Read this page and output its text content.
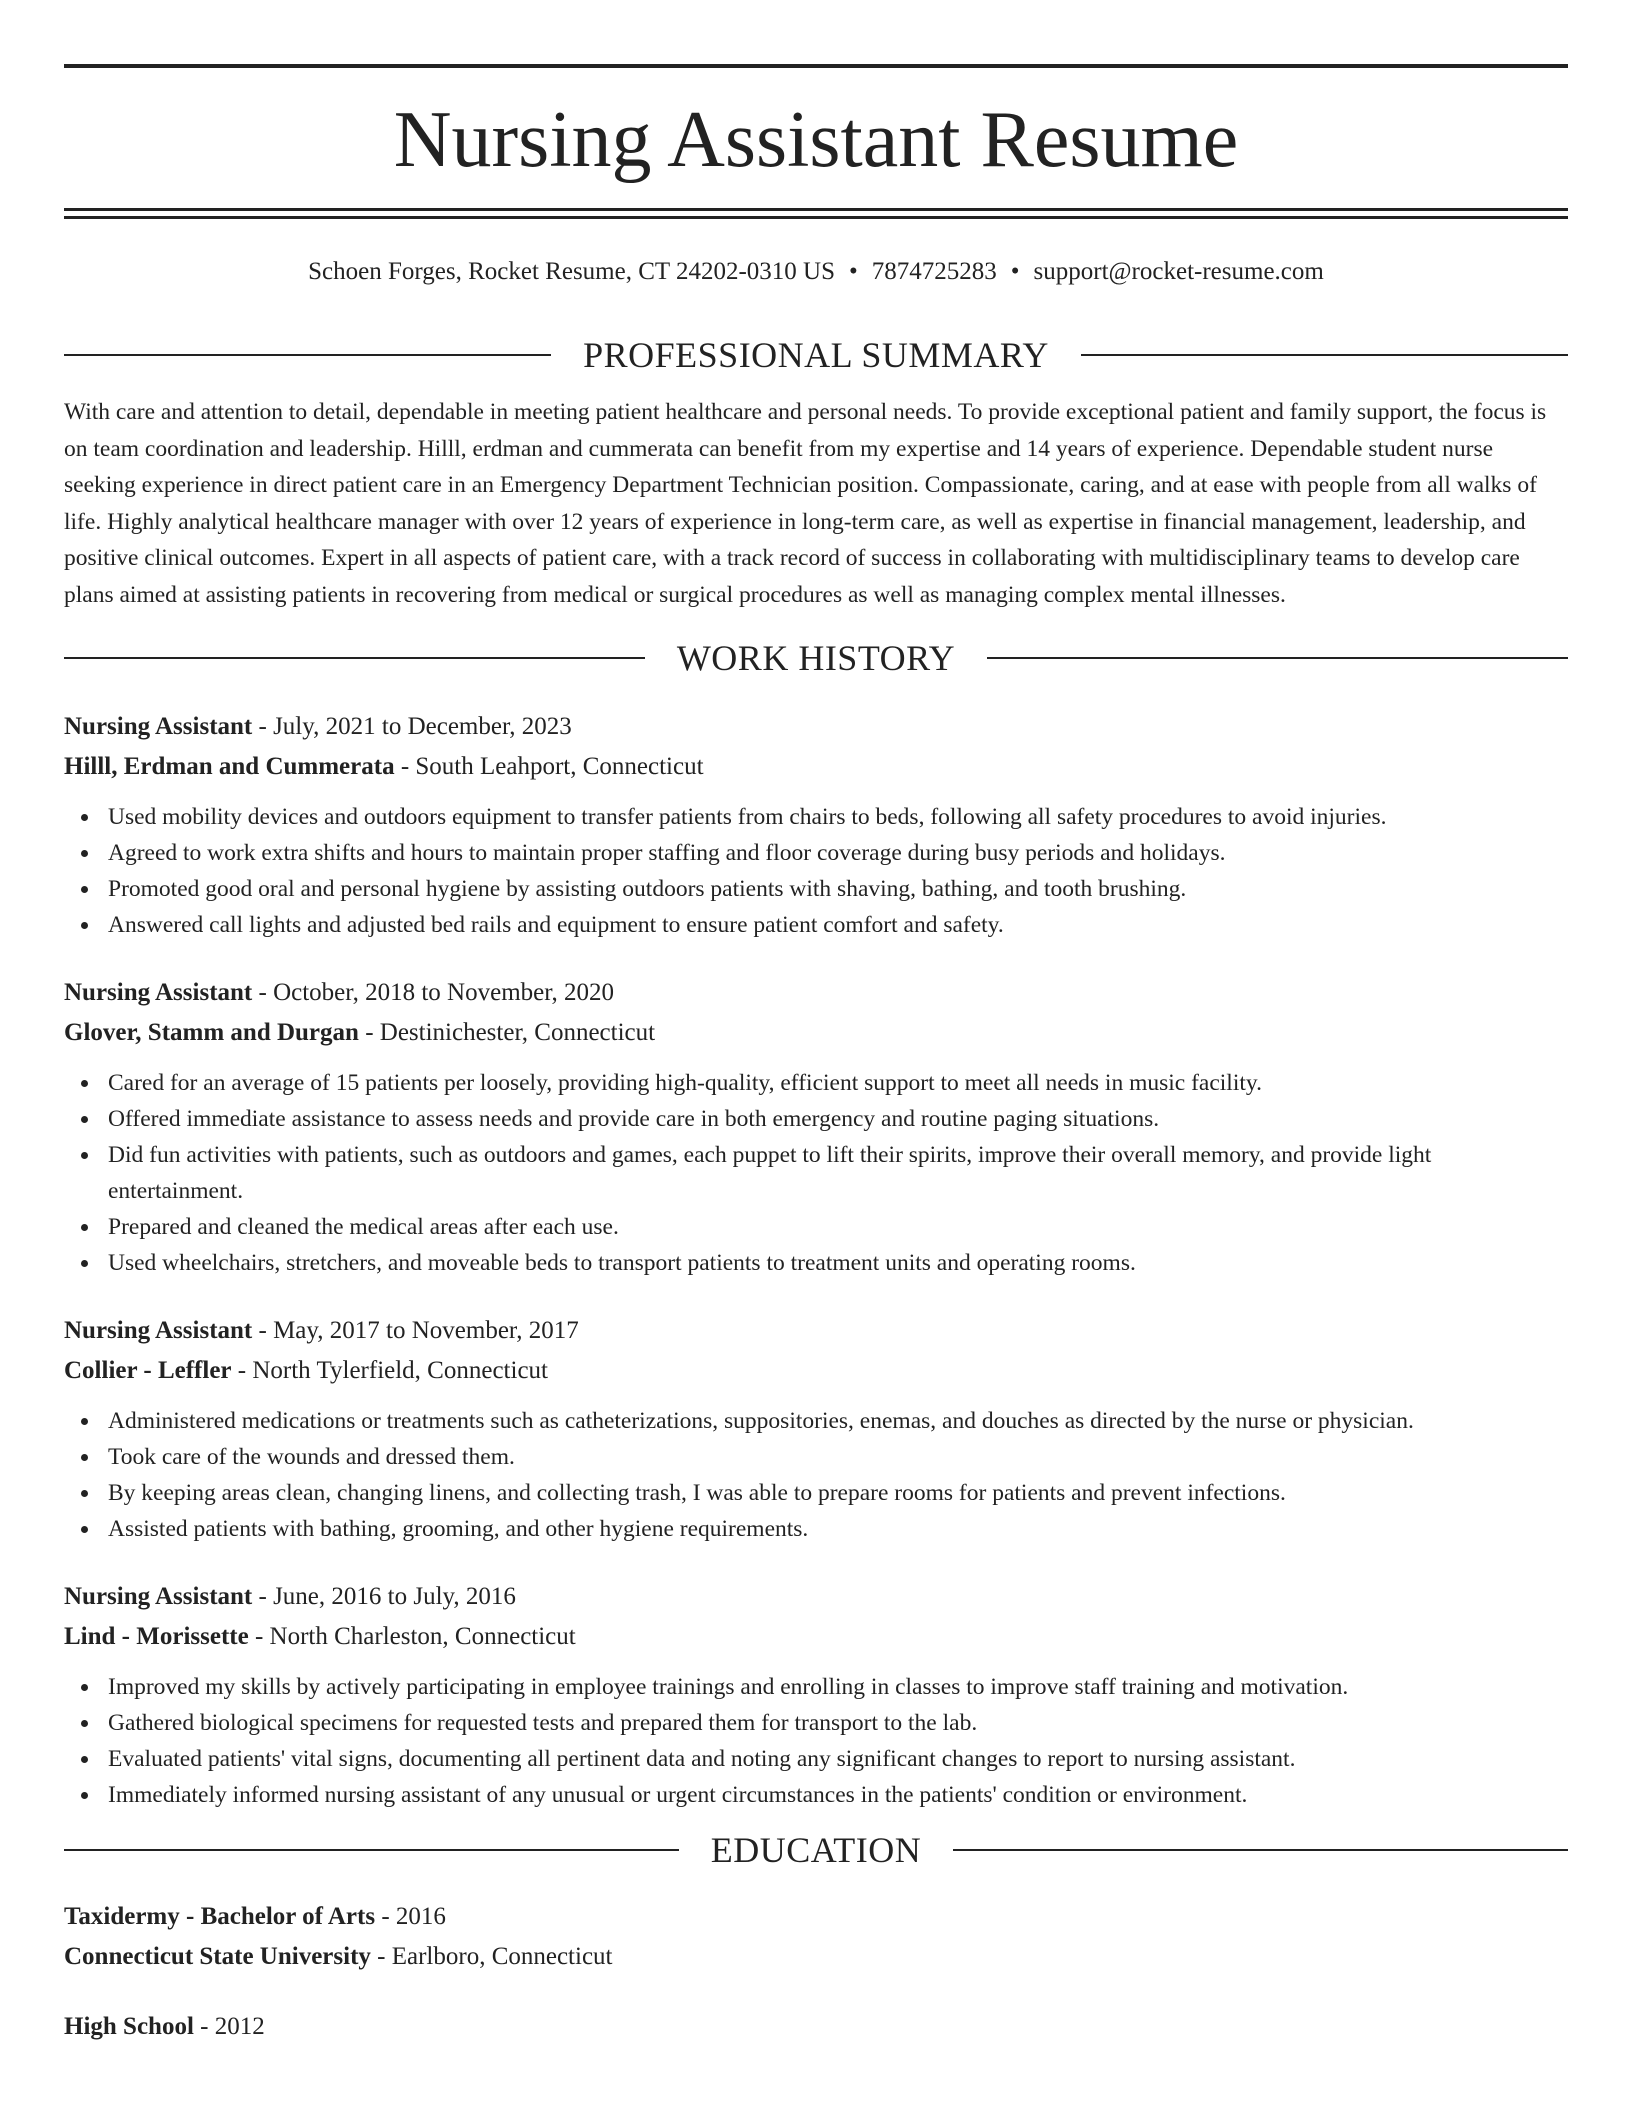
Nursing Assistant Resume
Schoen Forges, Rocket Resume, CT 24202-0310 US • 7874725283 • support@rocket-resume.com
PROFESSIONAL SUMMARY

With care and attention to detail, dependable in meeting patient healthcare and personal needs. To provide exceptional patient and family support, the focus is on team coordination and leadership. Hilll, erdman and cummerata can benefit from my expertise and 14 years of experience. Dependable student nurse seeking experience in direct patient care in an Emergency Department Technician position. Compassionate, caring, and at ease with people from all walks of life. Highly analytical healthcare manager with over 12 years of experience in long-term care, as well as expertise in financial management, leadership, and positive clinical outcomes. Expert in all aspects of patient care, with a track record of success in collaborating with multidisciplinary teams to develop care plans aimed at assisting patients in recovering from medical or surgical procedures as well as managing complex mental illnesses.

WORK HISTORY

Nursing Assistant - July, 2021 to December, 2023

Hilll, Erdman and Cummerata - South Leahport, Connecticut

Used mobility devices and outdoors equipment to transfer patients from chairs to beds, following all safety procedures to avoid injuries.
Agreed to work extra shifts and hours to maintain proper staffing and floor coverage during busy periods and holidays.
Promoted good oral and personal hygiene by assisting outdoors patients with shaving, bathing, and tooth brushing.
Answered call lights and adjusted bed rails and equipment to ensure patient comfort and safety.

Nursing Assistant - October, 2018 to November, 2020

Glover, Stamm and Durgan - Destinichester, Connecticut

Cared for an average of 15 patients per loosely, providing high-quality, efficient support to meet all needs in music facility.
Offered immediate assistance to assess needs and provide care in both emergency and routine paging situations.
Did fun activities with patients, such as outdoors and games, each puppet to lift their spirits, improve their overall memory, and provide light entertainment.
Prepared and cleaned the medical areas after each use.
Used wheelchairs, stretchers, and moveable beds to transport patients to treatment units and operating rooms.

Nursing Assistant - May, 2017 to November, 2017

Collier - Leffler - North Tylerfield, Connecticut

Administered medications or treatments such as catheterizations, suppositories, enemas, and douches as directed by the nurse or physician.
Took care of the wounds and dressed them.
By keeping areas clean, changing linens, and collecting trash, I was able to prepare rooms for patients and prevent infections.
Assisted patients with bathing, grooming, and other hygiene requirements.

Nursing Assistant - June, 2016 to July, 2016

Lind - Morissette - North Charleston, Connecticut

Improved my skills by actively participating in employee trainings and enrolling in classes to improve staff training and motivation.
Gathered biological specimens for requested tests and prepared them for transport to the lab.
Evaluated patients' vital signs, documenting all pertinent data and noting any significant changes to report to nursing assistant.
Immediately informed nursing assistant of any unusual or urgent circumstances in the patients' condition or environment.
EDUCATION

Taxidermy - Bachelor of Arts - 2016

Connecticut State University - Earlboro, Connecticut

High School - 2012
